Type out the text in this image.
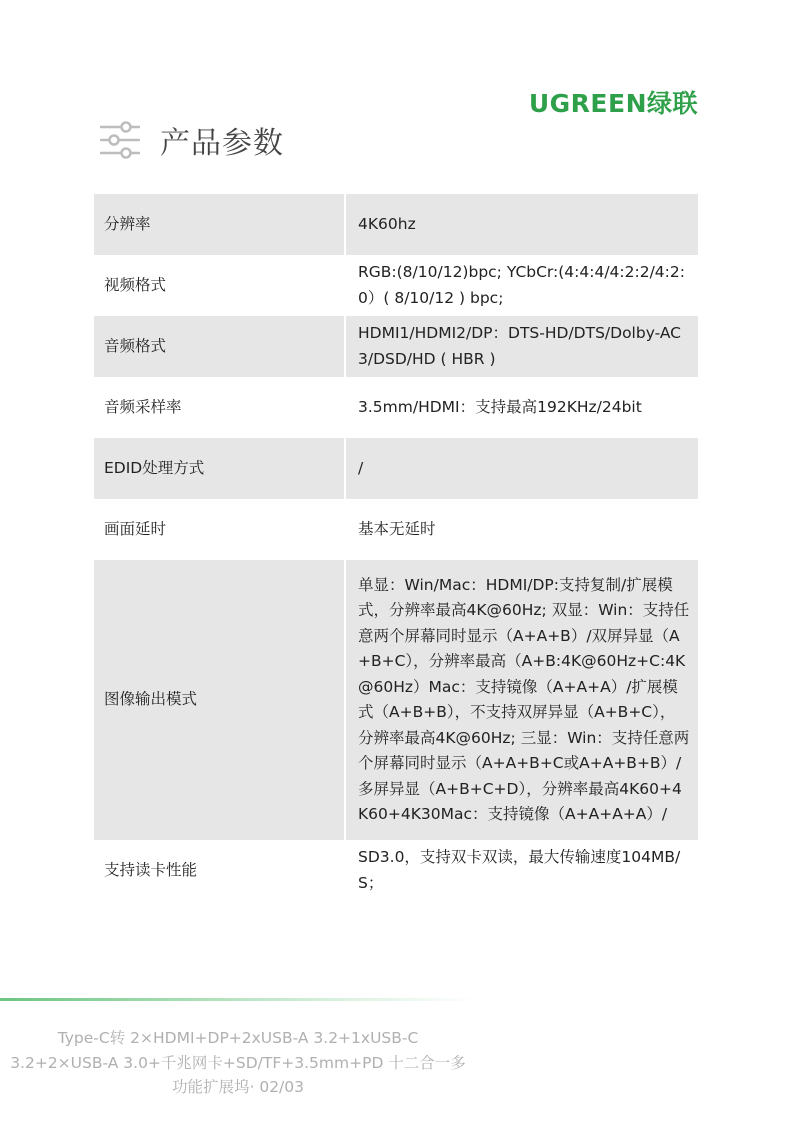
UGREEN绿联
产品参数
分辨率		4K60hz
视频格式		RGB:(8/10/12)bpc; YCbCr:(4:4:4/4:2:2/4:2:0）( 8/10/12 ) bpc;
音频格式		HDMI1/HDMI2/DP：DTS-HD/DTS/Dolby-AC3/DSD/HD ( HBR )
音频采样率		3.5mm/HDMI：支持最高192KHz/24bit
EDID处理方式		/
画面延时		基本无延时
图像输出模式		单显：Win/Mac：HDMI/DP:支持复制/扩展模式，分辨率最高4K@60Hz; 双显：Win：支持任意两个屏幕同时显示（A+A+B）/双屏异显（A+B+C），分辨率最高（A+B:4K@60Hz+C:4K@60Hz）Mac：支持镜像（A+A+A）/扩展模式（A+B+B），不支持双屏异显（A+B+C），分辨率最高4K@60Hz; 三显：Win：支持任意两个屏幕同时显示（A+A+B+C或A+A+B+B）/多屏异显（A+B+C+D），分辨率最高4K60+4K60+4K30Mac：支持镜像（A+A+A+A）/
支持读卡性能		SD3.0，支持双卡双读，最大传输速度104MB/S；
Type-C转 2×HDMI+DP+2xUSB-A 3.2+1xUSB-C
3.2+2×USB-A 3.0+千兆网卡+SD/TF+3.5mm+PD 十二合一多
功能扩展坞· 02/03
